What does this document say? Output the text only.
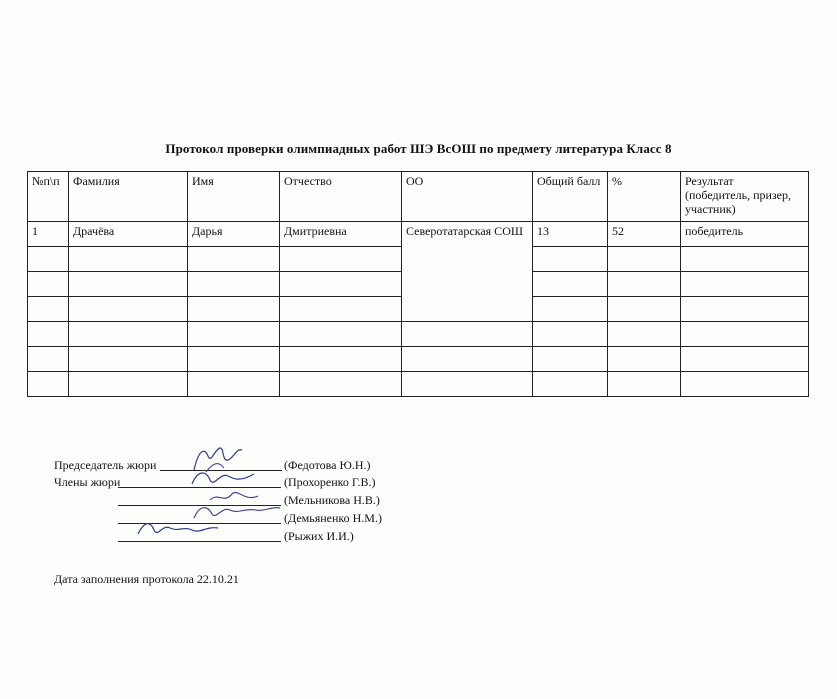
Протокол проверки олимпиадных работ ШЭ ВсОШ по предмету литература Класс 8
№п\п	Фамилия	Имя	Отчество	ОО	Общий балл	%	Результат
(победитель, призер, участник)
1	Драчёва	Дарья	Дмитриевна	Северотатарская СОШ	13	52	победитель

Председатель жюри	(Федотова Ю.Н.)
Члены жюри	(Прохоренко Г.В.)
(Мельникова Н.В.)
(Демьяненко Н.М.)
(Рыжих И.И.)
Дата заполнения протокола 22.10.21
